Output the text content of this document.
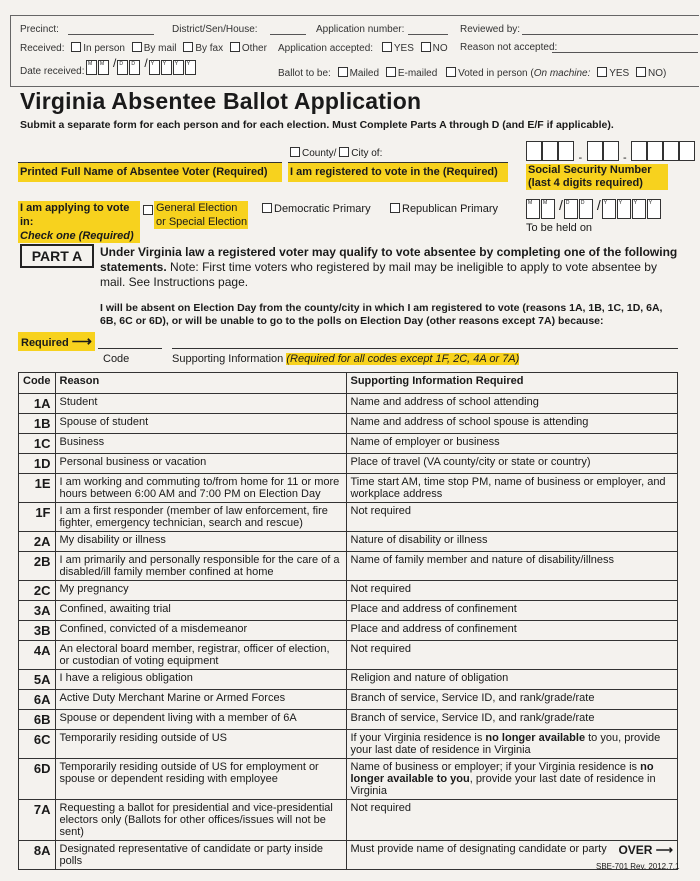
Precinct:	District/Sen/House:	Application number:	Reviewed by:
Received: In person By mail By fax Other Application accepted: YES NO Reason not accepted:
Date received:
M M / D D / Y Y Y Y
Ballot to be: Mailed E-mailed Voted in person (On machine: YES NO)
Virginia Absentee Ballot Application
Submit a separate form for each person and for each election. Must Complete Parts A through D (and E/F if applicable).
County/ City of:
Printed Full Name of Absentee Voter (Required)	I am registered to vote in the (Required)
-	-
Social Security Number
(last 4 digits required)
I am applying to vote in:
Check one (Required)
General Election
or Special Election
Democratic Primary	Republican Primary	M M / D D / Y Y Y Y
To be held on
PART A	Under Virginia law a registered voter may qualify to vote absentee by completing one of the following statements. Note: First time voters who registered by mail may be ineligible to apply to vote absentee by mail. See Instructions page.
I will be absent on Election Day from the county/city in which I am registered to vote (reasons 1A, 1B, 1C, 1D, 6A, 6B, 6C or 6D), or will be unable to go to the polls on Election Day (other reasons except 7A) because:
Required ⟶
Code	Supporting Information (Required for all codes except 1F, 2C, 4A or 7A)
Code	Reason	Supporting Information Required
1A	Student	Name and address of school attending
1B	Spouse of student	Name and address of school spouse is attending
1C	Business	Name of employer or business
1D	Personal business or vacation	Place of travel (VA county/city or state or country)
1E	I am working and commuting to/from home for 11 or more hours between 6:00 AM and 7:00 PM on Election Day	Time start AM, time stop PM, name of business or employer, and workplace address
1F	I am a first responder (member of law enforcement, fire fighter, emergency technician, search and rescue)	Not required
2A	My disability or illness	Nature of disability or illness
2B	I am primarily and personally responsible for the care of a disabled/ill family member confined at home	Name of family member and nature of disability/illness
2C	My pregnancy	Not required
3A	Confined, awaiting trial	Place and address of confinement
3B	Confined, convicted of a misdemeanor	Place and address of confinement
4A	An electoral board member, registrar, officer of election, or custodian of voting equipment	Not required
5A	I have a religious obligation	Religion and nature of obligation
6A	Active Duty Merchant Marine or Armed Forces	Branch of service, Service ID, and rank/grade/rate
6B	Spouse or dependent living with a member of 6A	Branch of service, Service ID, and rank/grade/rate
6C	Temporarily residing outside of US	If your Virginia residence is no longer available to you, provide your last date of residence in Virginia
6D	Temporarily residing outside of US for employment or spouse or dependent residing with employee	Name of business or employer; if your Virginia residence is no longer available to you, provide your last date of residence in Virginia
7A	Requesting a ballot for presidential and vice-presidential electors only (Ballots for other offices/issues will not be sent)	Not required
8A	Designated representative of candidate or party inside polls	Must provide name of designating candidate or party OVER ⟶
SBE-701 Rev. 2012.7.1
